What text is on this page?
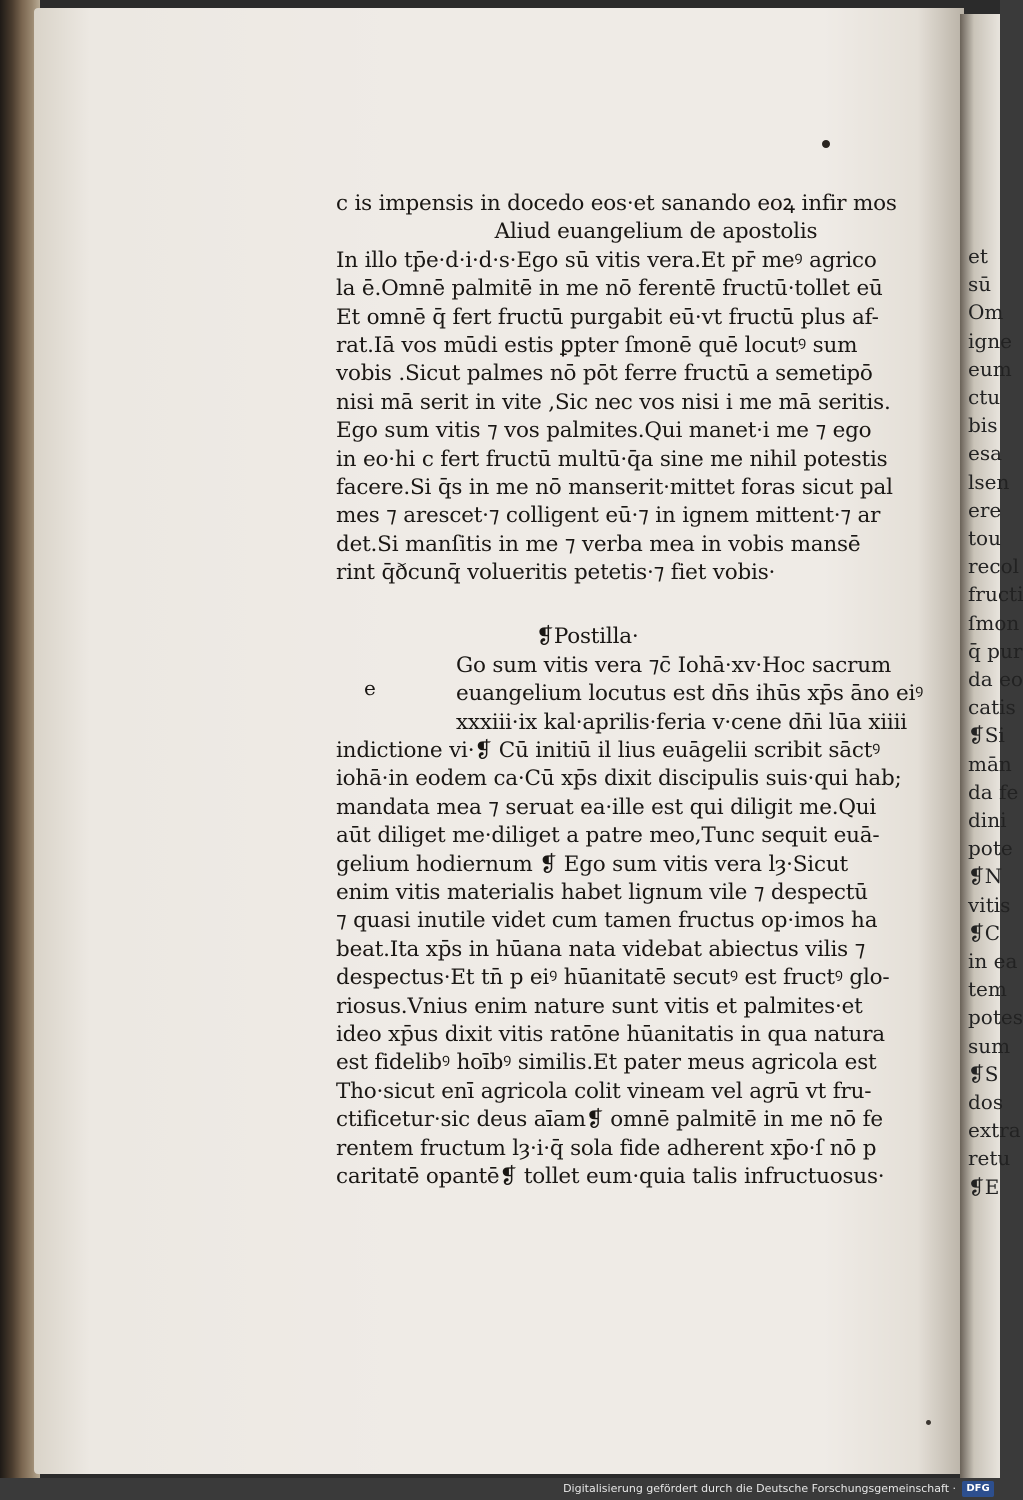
et
sū
Om
igne
eum
ctu
bis
esa
lsen
ere
tou
recol
fructi
ſmon
q̄ pur
da eo
catis
❡Si
mān
da fe
dini
pote
❡N
vitis
❡C
in ea
tem
potes
sum
❡S
dos
extra
retu
❡E
e
c is impensis in docedo eos·et sanando eoꝝ infir mos
Aliud euangelium de apostolis
In illo tp̄e·d·i·d·s·Ego sū vitis vera.Et pr̄ meꝰ agrico
la ē.Omnē palmitē in me nō ferentē fructū·tollet eū
Et omnē q̄ fert fructū purgabit eū·vt fructū plus af-
rat.Iā vos mūdi estis ꝑpter ſmonē quē locutꝰ sum
vobis .Sicut palmes nō pōt ferre fructū a semetipō
nisi mā serit in vite ,Sic nec vos nisi i me mā seritis.
Ego sum vitis ⁊ vos palmites.Qui manet·i me ⁊ ego
in eo·hi c fert fructū multū·q̄a sine me nihil potestis
facere.Si q̄s in me nō manserit·mittet foras sicut pal
mes ⁊ arescet·⁊ colligent eū·⁊ in ignem mittent·⁊ ar
det.Si manſitis in me ⁊ verba mea in vobis mansē
rint q̄ðcunq̄ volueritis petetis·⁊ fiet vobis·
❡Postilla·
Go sum vitis vera ⁊c̄ Iohā·xv·Hoc sacrum
euangelium locutus est dn̄s ihūs xp̄s āno eiꝰ
xxxiii·ix kal·aprilis·feria v·cene dn̄i lūa xiiii
indictione vi·❡ Cū initiū il lius euāgelii scribit sāctꝰ
iohā·in eodem ca·Cū xp̄s dixit discipulis suis·qui hab;
mandata mea ⁊ seruat ea·ille est qui diligit me.Qui
aūt diliget me·diliget a patre meo,Tunc sequit euā-
gelium hodiernum ❡ Ego sum vitis vera lȝ·Sicut
enim vitis materialis habet lignum vile ⁊ despectū
⁊ quasi inutile videt cum tamen fructus op·imos ha
beat.Ita xp̄s in hūana nata videbat abiectus vilis ⁊
despectus·Et tn̄ p eiꝰ hūanitatē secutꝰ est fructꝰ glo-
riosus.Vnius enim nature sunt vitis et palmites·et
ideo xp̄us dixit vitis ratōne hūanitatis in qua natura
est fidelibꝰ hoībꝰ similis.Et pater meus agricola est
Tho·sicut enī agricola colit vineam vel agrū vt fru-
ctificetur·sic deus aīam❡ omnē palmitē in me nō fe
rentem fructum lȝ·i·q̄ sola fide adherent xp̄o·ſ nō p
caritatē opantē❡ tollet eum·quia talis infructuosus·
Digitalisierung gefördert durch die Deutsche Forschungsgemeinschaft ·	DFG
